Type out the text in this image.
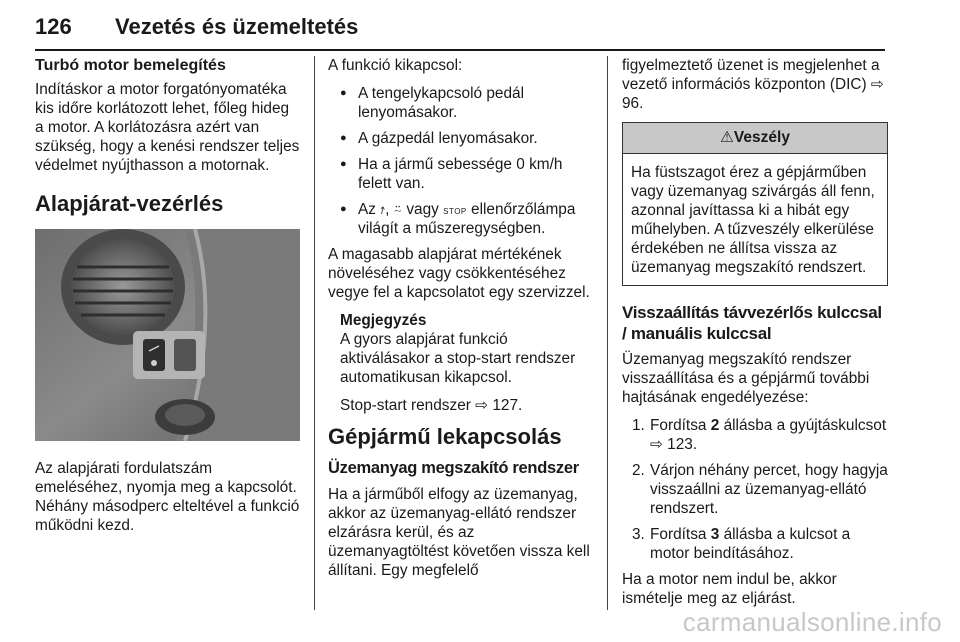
126 Vezetés és üzemeltetés
Turbó motor bemelegítés

Indításkor a motor forgatónyomatéka kis időre korlátozott lehet, főleg hideg a motor. A korlátozásra azért van szükség, hogy a kenési rendszer teljes védelmet nyújthasson a motornak.

Alapjárat-vezérlés

Az alapjárati fordulatszám emeléséhez, nyomja meg a kapcsolót. Néhány másodperc elteltével a funkció működni kezd.

A funkció kikapcsol:

● A tengelykapcsoló pedál lenyomásakor.
● A gázpedál lenyomásakor.
● Ha a jármű sebessége 0 km/h felett van.
● Az ⭎, ⍨ vagy STOP ellenőrzőlámpa világít a műszeregységben.

A magasabb alapjárat mértékének növeléséhez vagy csökkentéséhez vegye fel a kapcsolatot egy szervizzel.

Megjegyzés

A gyors alapjárat funkció aktiválásakor a stop-start rendszer automatikusan kikapcsol.

Stop-start rendszer ⇨ 127.

Gépjármű lekapcsolás
Üzemanyag megszakító rendszer

Ha a járműből elfogy az üzemanyag, akkor az üzemanyag-ellátó rendszer elzárásra kerül, és az üzemanyagtöltést követően vissza kell állítani. Egy megfelelő

figyelmeztető üzenet is megjelenhet a vezető információs központon (DIC) ⇨ 96.

⚠Veszély
Ha füstszagot érez a gépjárműben vagy üzemanyag szivárgás áll fenn, azonnal javíttassa ki a hibát egy műhelyben. A tűzveszély elkerülése érdekében ne állítsa vissza az üzemanyag megszakító rendszert.
Visszaállítás távvezérlős kulccsal / manuális kulccsal

Üzemanyag megszakító rendszer visszaállítása és a gépjármű további hajtásának engedélyezése:

1. Fordítsa 2 állásba a gyújtáskulcsot ⇨ 123.
2. Várjon néhány percet, hogy hagyja visszaállni az üzemanyag-ellátó rendszert.
3. Fordítsa 3 állásba a kulcsot a motor beindításához.

Ha a motor nem indul be, akkor ismételje meg az eljárást.

carmanualsonline.info
